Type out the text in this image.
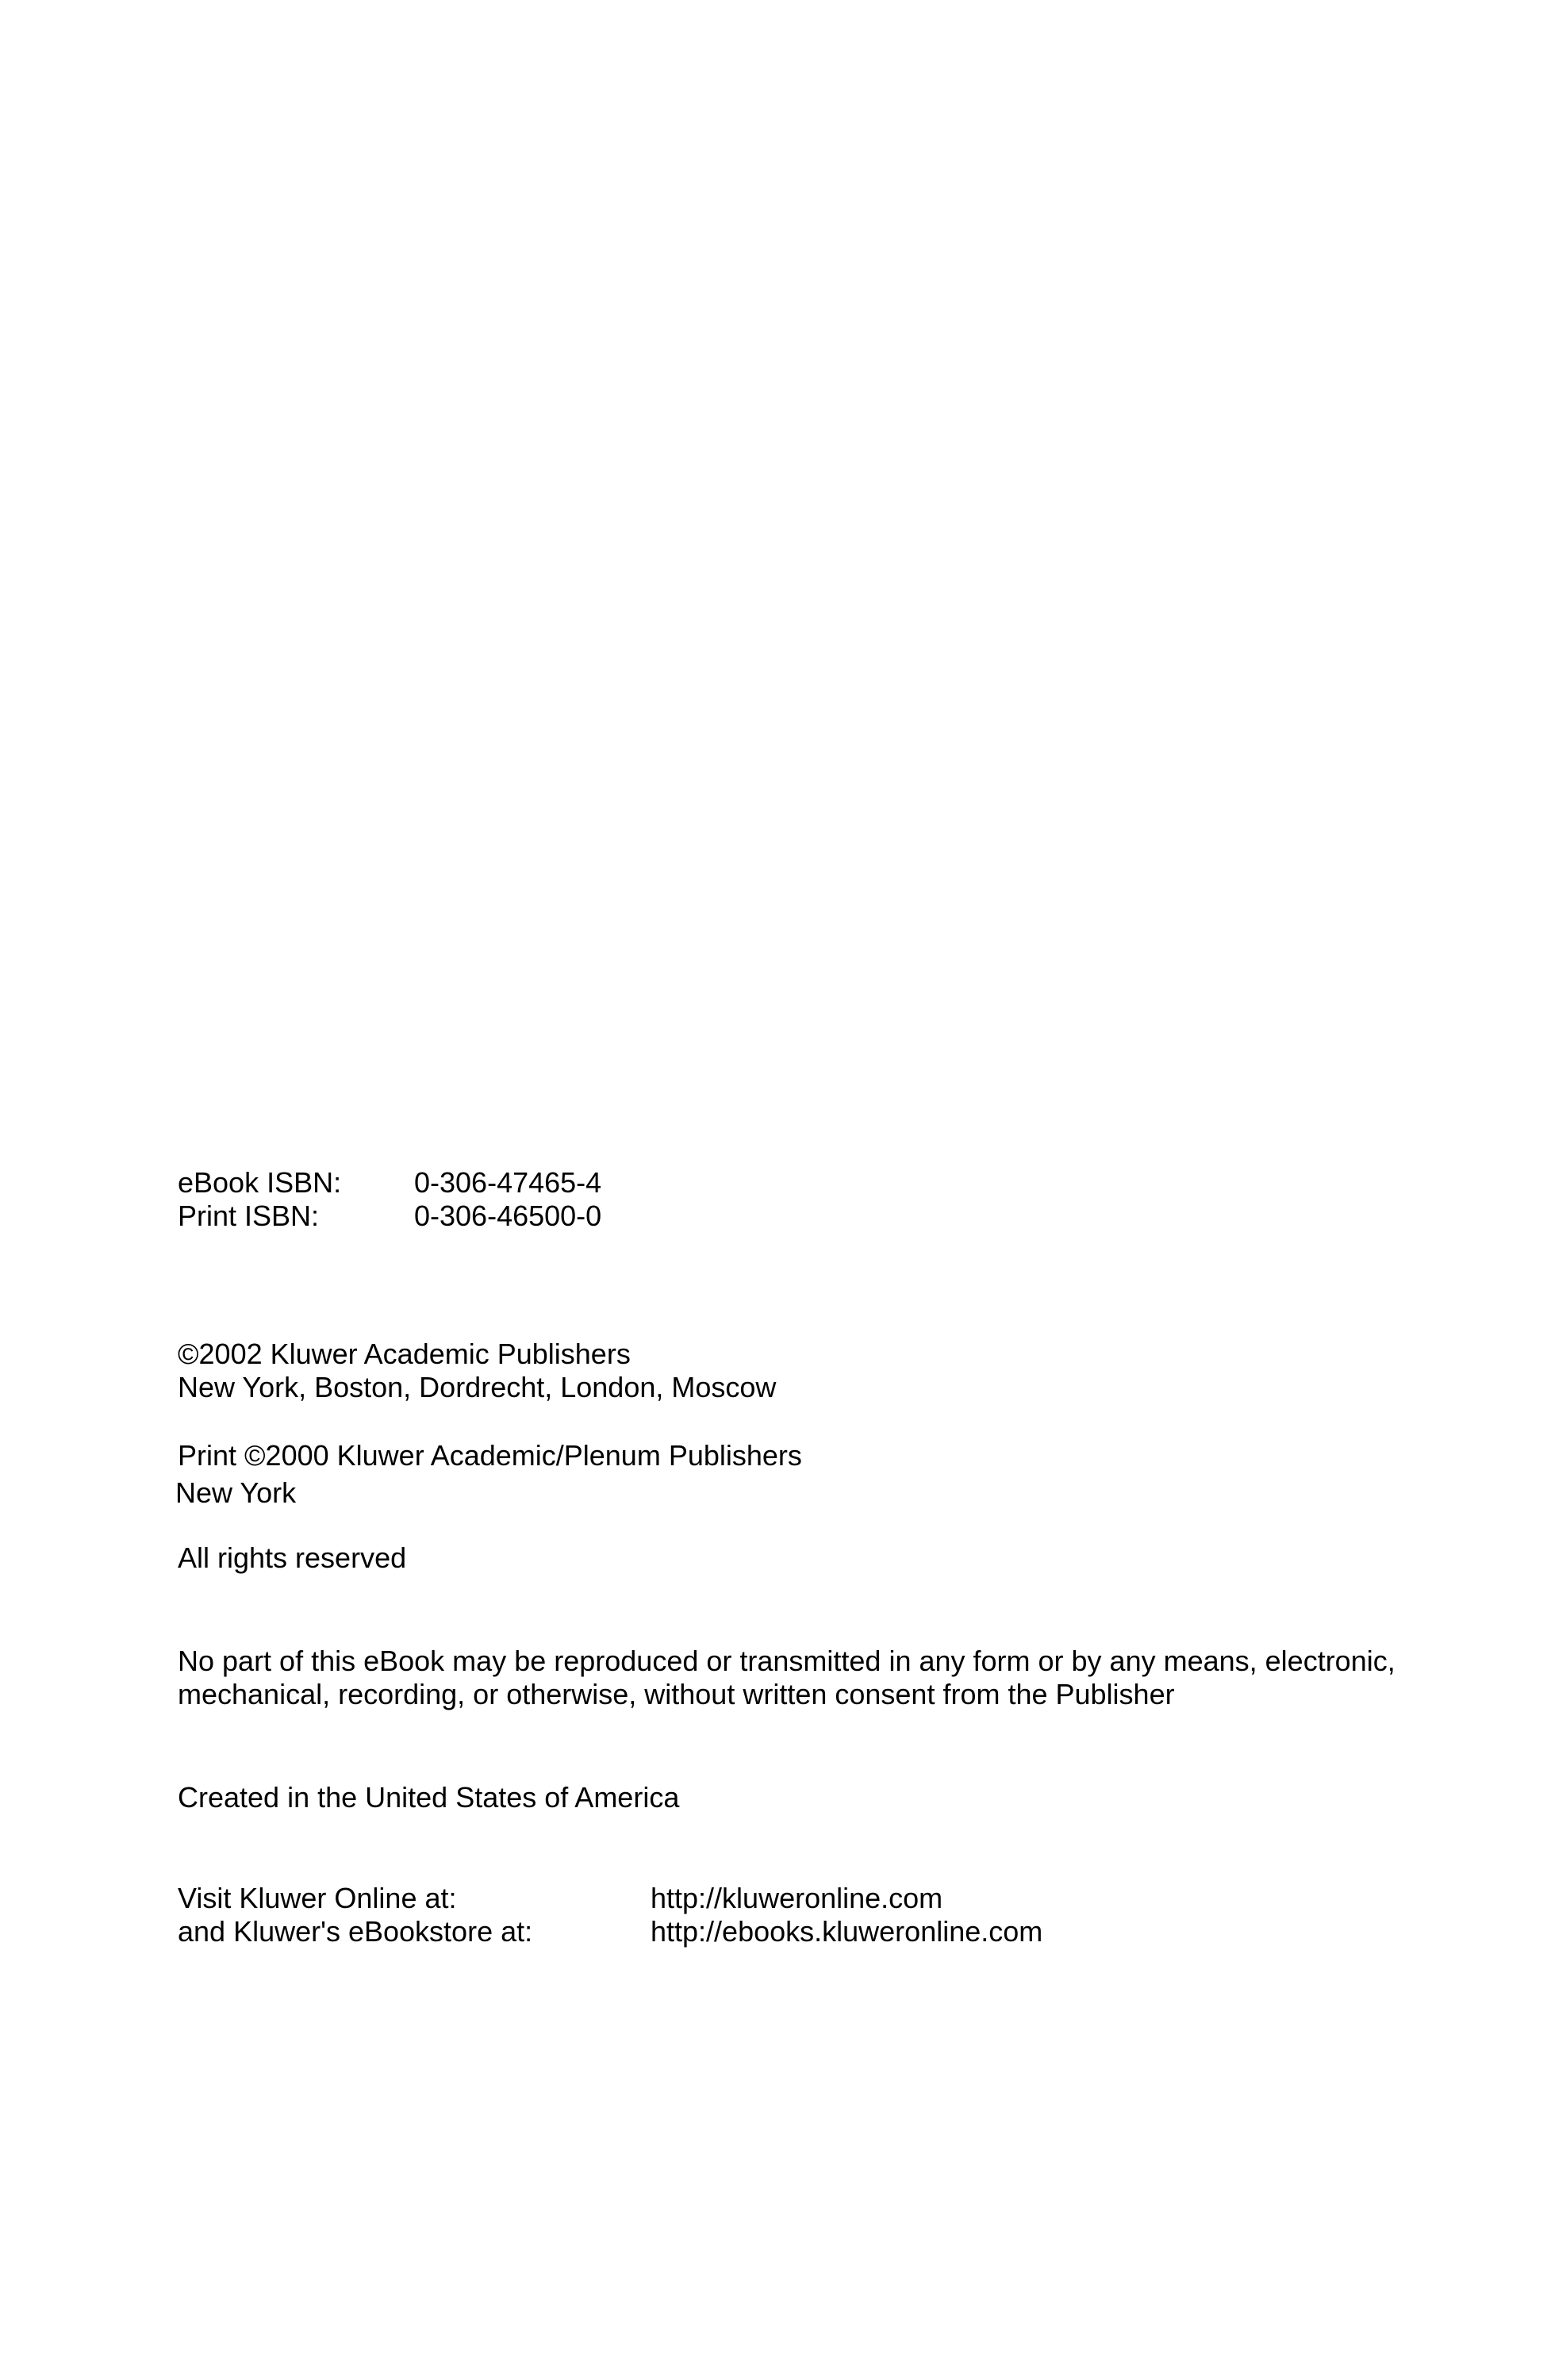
eBook ISBN:	0-306-47465-4
Print ISBN:	0-306-46500-0
©2002 Kluwer Academic Publishers
New York, Boston, Dordrecht, London, Moscow
Print ©2000 Kluwer Academic/Plenum Publishers
New York
All rights reserved
No part of this eBook may be reproduced or transmitted in any form or by any means, electronic,
mechanical, recording, or otherwise, without written consent from the Publisher
Created in the United States of America
Visit Kluwer Online at:	http://kluweronline.com
and Kluwer's eBookstore at:	http://ebooks.kluweronline.com
